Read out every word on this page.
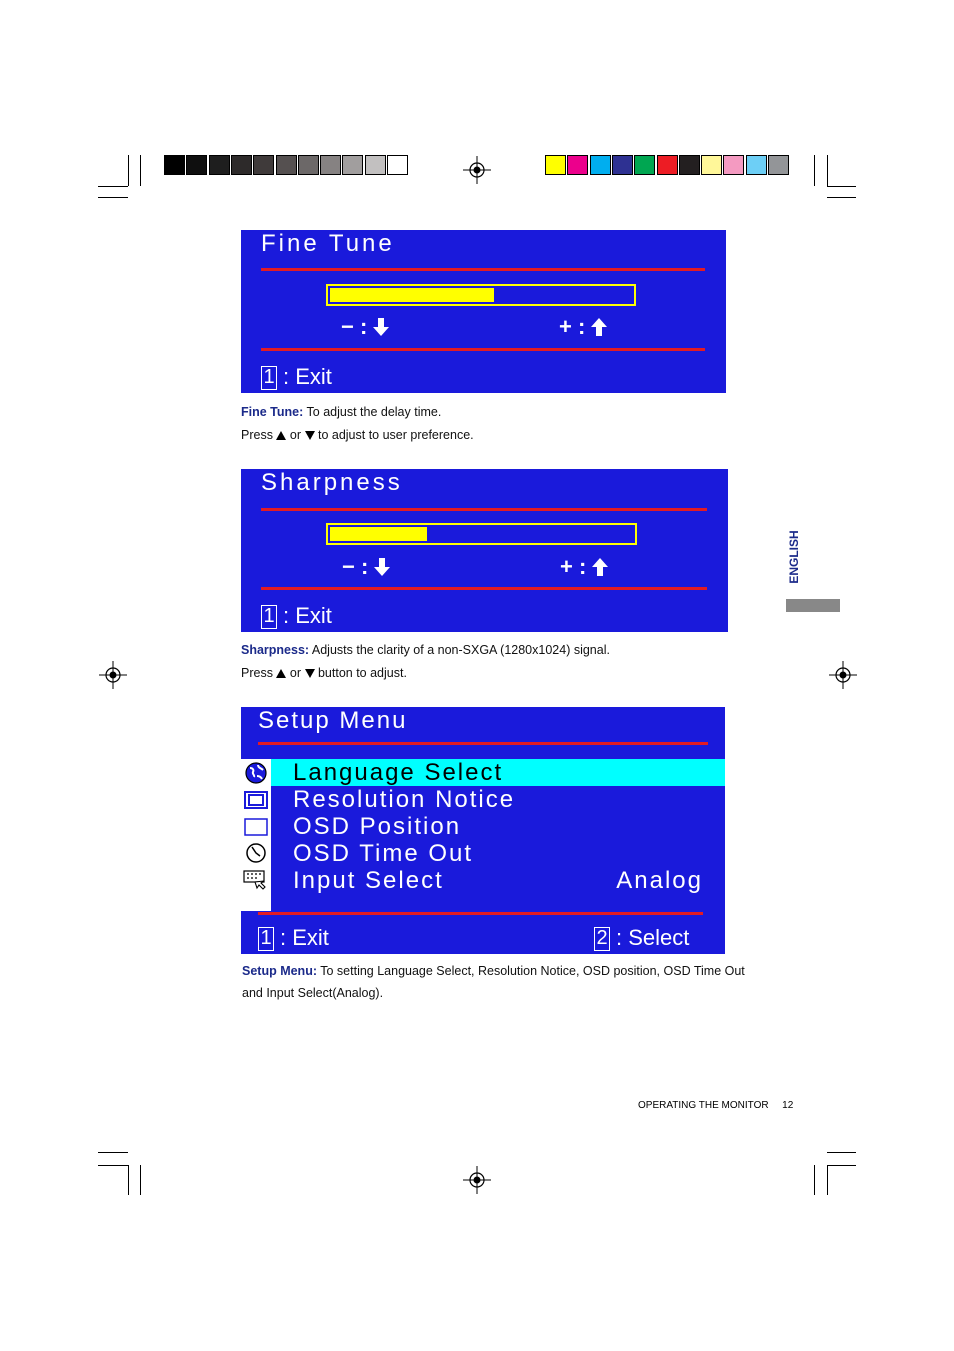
Fine Tune
− :	+ :
1 : Exit
Fine Tune: To adjust the delay time.
Press  or  to adjust to user preference.
Sharpness
− :	+ :
1 : Exit
Sharpness: Adjusts the clarity of a non-SXGA (1280x1024) signal.
Press  or  button to adjust.
Setup Menu
Language Select
Resolution Notice
OSD Position
OSD Time Out
Input Select	Analog
1 : Exit	2 : Select
Setup Menu: To setting Language Select, Resolution Notice, OSD position, OSD Time Out
and Input Select(Analog).
ENGLISH
OPERATING THE MONITOR 12
